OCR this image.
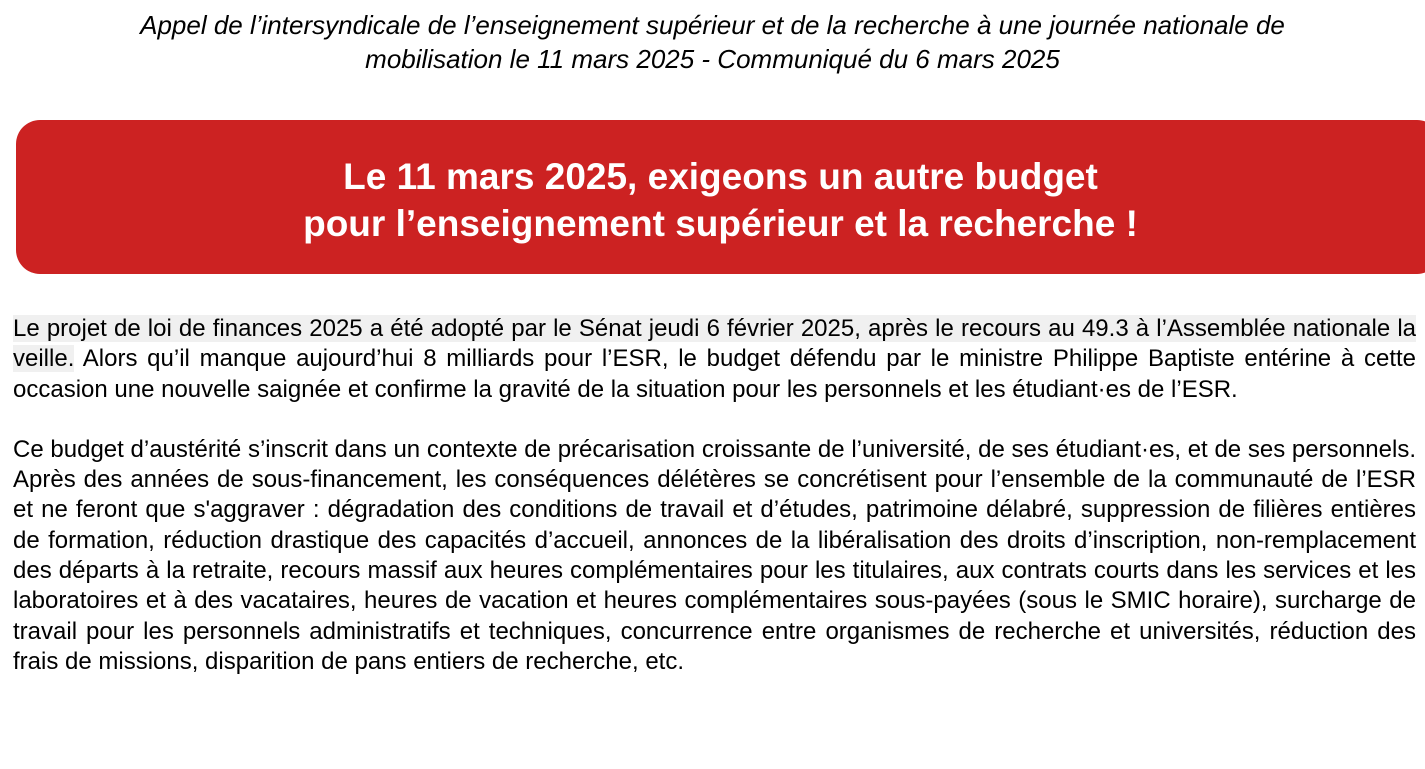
Appel de l’intersyndicale de l’enseignement supérieur et de la recherche à une journée nationale de
mobilisation le 11 mars 2025 - Communiqué du 6 mars 2025
Le 11 mars 2025, exigeons un autre budget
pour l’enseignement supérieur et la recherche !

Le projet de loi de finances 2025 a été adopté par le Sénat jeudi 6 février 2025, après le recours au 49.3 à l’Assemblée nationale la veille. Alors qu’il manque aujourd’hui 8 milliards pour l’ESR, le budget défendu par le ministre Philippe Baptiste entérine à cette occasion une nouvelle saignée et confirme la gravité de la situation pour les personnels et les étudiant·es de l’ESR.

Ce budget d’austérité s’inscrit dans un contexte de précarisation croissante de l’université, de ses étudiant·es, et de ses personnels. Après des années de sous-financement, les conséquences délétères se concrétisent pour l’ensemble de la communauté de l’ESR et ne feront que s'aggraver : dégradation des conditions de travail et d’études, patrimoine délabré, suppression de filières entières de formation, réduction drastique des capacités d’accueil, annonces de la libéralisation des droits d’inscription, non-remplacement des départs à la retraite, recours massif aux heures complémentaires pour les titulaires, aux contrats courts dans les services et les laboratoires et à des vacataires, heures de vacation et heures complémentaires sous-payées (sous le SMIC horaire), surcharge de travail pour les personnels administratifs et techniques, concurrence entre organismes de recherche et universités, réduction des frais de missions, disparition de pans entiers de recherche, etc.
